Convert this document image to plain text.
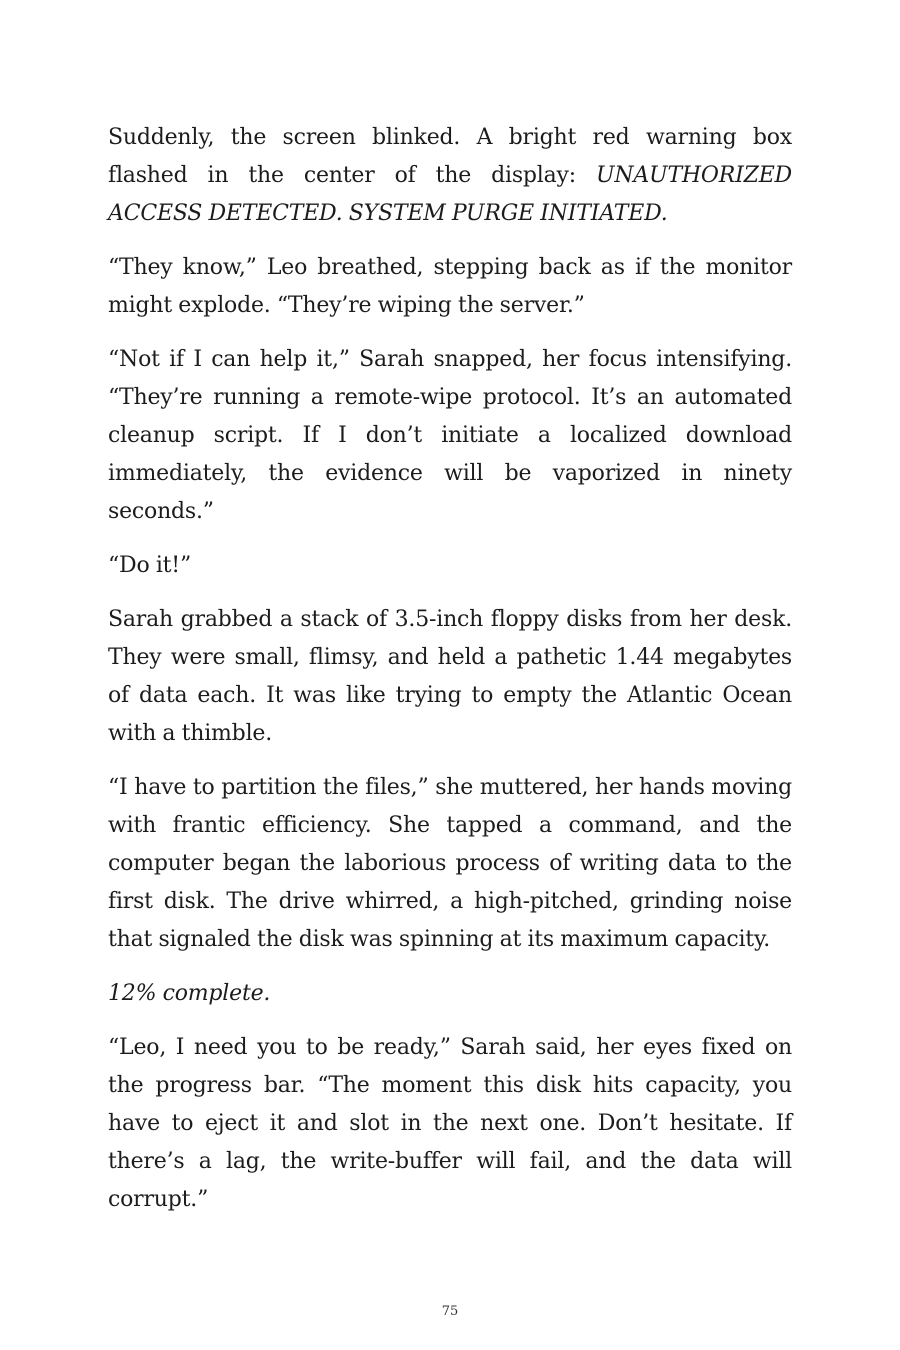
Suddenly, the screen blinked. A bright red warning box flashed in the center of the display: UNAUTHORIZED ACCESS DETECTED. SYSTEM PURGE INITIATED.

“They know,” Leo breathed, stepping back as if the monitor might explode. “They’re wiping the server.”

“Not if I can help it,” Sarah snapped, her focus intensifying. “They’re running a remote-wipe protocol. It’s an automated cleanup script. If I don’t initiate a localized download immediately, the evidence will be vaporized in ninety seconds.”

“Do it!”

Sarah grabbed a stack of 3.5-inch floppy disks from her desk. They were small, flimsy, and held a pathetic 1.44 megabytes of data each. It was like trying to empty the Atlantic Ocean with a thimble.

“I have to partition the files,” she muttered, her hands moving with frantic efficiency. She tapped a command, and the computer began the laborious process of writing data to the first disk. The drive whirred, a high-pitched, grinding noise that signaled the disk was spinning at its maximum capacity.

12% complete.

“Leo, I need you to be ready,” Sarah said, her eyes fixed on the progress bar. “The moment this disk hits capacity, you have to eject it and slot in the next one. Don’t hesitate. If there’s a lag, the write-buffer will fail, and the data will corrupt.”

75
